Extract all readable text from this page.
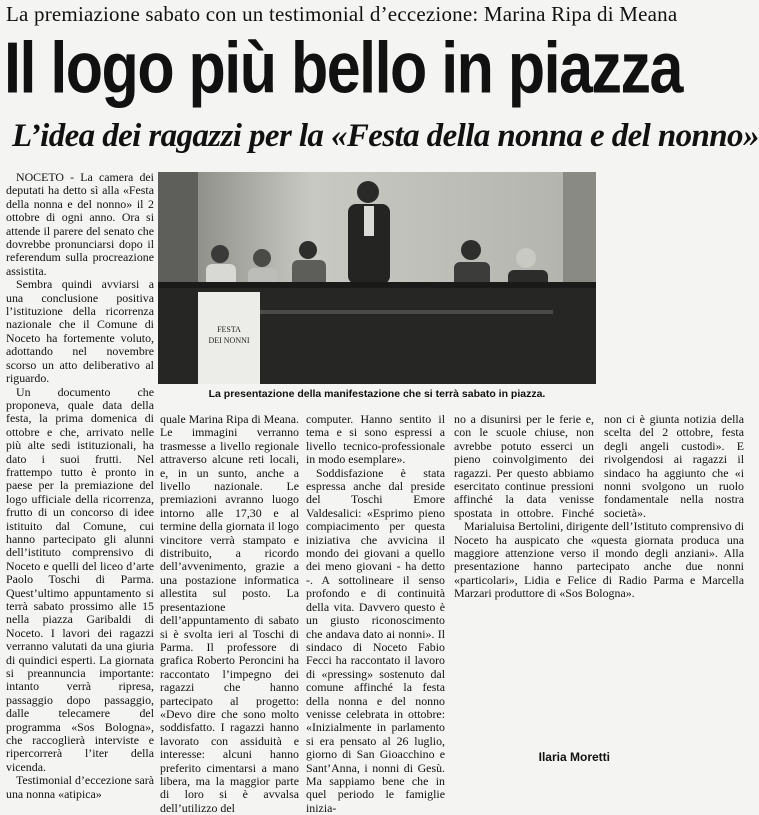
La premiazione sabato con un testimonial d’eccezione: Marina Ripa di Meana
Il logo più bello in piazza
L’idea dei ragazzi per la «Festa della nonna e del nonno»

NOCETO - La camera dei deputati ha detto sì alla «Festa della nonna e del nonno» il 2 ottobre di ogni anno. Ora si attende il parere del senato che dovrebbe pronunciarsi dopo il referendum sulla procreazione assistita.

Sembra quindi avviarsi a una conclusione positiva l’istituzione della ricorrenza nazionale che il Comune di Noceto ha fortemente voluto, adottando nel novembre scorso un atto deliberativo al riguardo.

Un documento che proponeva, quale data della festa, la prima domenica di ottobre e che, arrivato nelle più alte sedi istituzionali, ha dato i suoi frutti. Nel frattempo tutto è pronto in paese per la premiazione del logo ufficiale della ricorrenza, frutto di un concorso di idee istituito dal Comune, cui hanno partecipato gli alunni dell’istituto comprensivo di Noceto e quelli del liceo d’arte Paolo Toschi di Parma. Quest’ultimo appuntamento si terrà sabato prossimo alle 15 nella piazza Garibaldi di Noceto. I lavori dei ragazzi verranno valutati da una giuria di quindici esperti. La giornata si preannuncia importante: intanto verrà ripresa, passaggio dopo passaggio, dalle telecamere del programma «Sos Bologna», che raccoglierà interviste e ripercorrerà l’iter della vicenda.

Testimonial d’eccezione sarà una nonna «atipica»

FESTA DEI NONNI
La presentazione della manifestazione che si terrà sabato in piazza.

quale Marina Ripa di Meana. Le immagini verranno trasmesse a livello regionale attraverso alcune reti locali, e, in un sunto, anche a livello nazionale. Le premiazioni avranno luogo intorno alle 17,30 e al termine della giornata il logo vincitore verrà stampato e distribuito, a ricordo dell’avvenimento, grazie a una postazione informatica allestita sul posto. La presentazione dell’appuntamento di sabato si è svolta ieri al Toschi di Parma. Il professore di grafica Roberto Peroncini ha raccontato l’impegno dei ragazzi che hanno partecipato al progetto: «Devo dire che sono molto soddisfatto. I ragazzi hanno lavorato con assiduità e interesse: alcuni hanno preferito cimentarsi a mano libera, ma la maggior parte di loro si è avvalsa dell’utilizzo del

computer. Hanno sentito il tema e si sono espressi a livello tecnico-professionale in modo esemplare».

Soddisfazione è stata espressa anche dal preside del Toschi Emore Valdesalici: «Esprimo pieno compiacimento per questa iniziativa che avvicina il mondo dei giovani a quello dei meno giovani - ha detto -. A sottolineare il senso profondo e di continuità della vita. Davvero questo è un giusto riconoscimento che andava dato ai nonni». Il sindaco di Noceto Fabio Fecci ha raccontato il lavoro di «pressing» sostenuto dal comune affinché la festa della nonna e del nonno venisse celebrata in ottobre: «Inizialmente in parlamento si era pensato al 26 luglio, giorno di San Gioacchino e Sant’Anna, i nonni di Gesù. Ma sappiamo bene che in quel periodo le famiglie inizia-

no a disunirsi per le ferie e, con le scuole chiuse, non avrebbe potuto esserci un pieno coinvolgimento dei ragazzi. Per questo abbiamo esercitato continue pressioni affinché la data venisse spostata in ottobre. Finché non ci è giunta notizia della scelta del 2 ottobre, festa degli angeli custodi». E rivolgendosi ai ragazzi il sindaco ha aggiunto che «i nonni svolgono un ruolo fondamentale nella nostra società».

Marialuisa Bertolini, dirigente dell’Istituto comprensivo di Noceto ha auspicato che «questa giornata produca una maggiore attenzione verso il mondo degli anziani». Alla presentazione hanno partecipato anche due nonni «particolari», Lidia e Felice di Radio Parma e Marcella Marzari produttore di «Sos Bologna».

Ilaria Moretti
